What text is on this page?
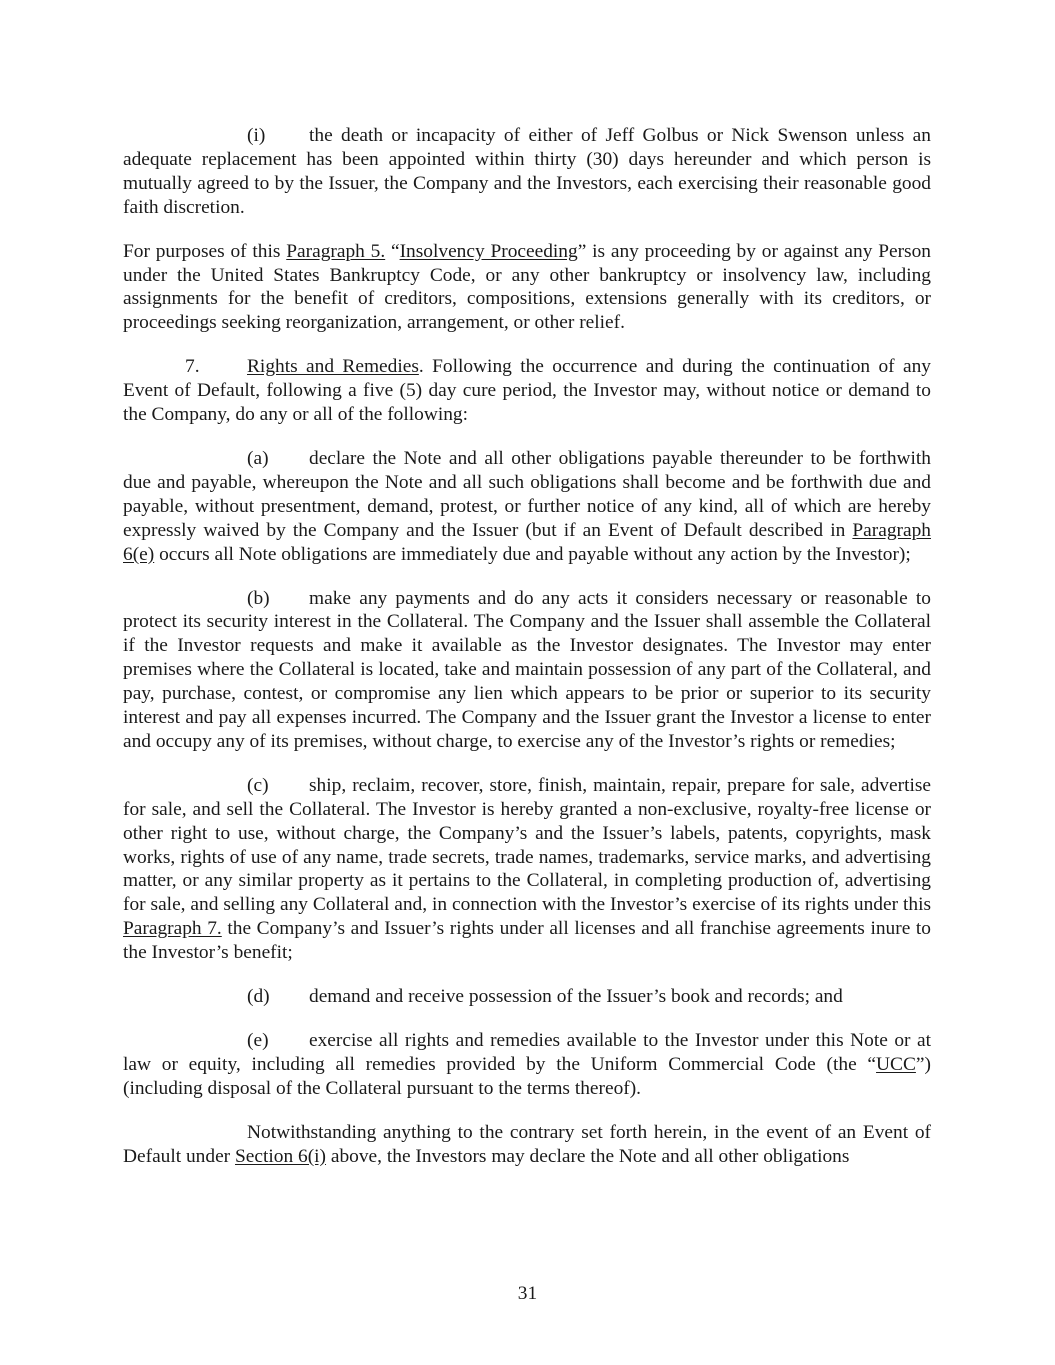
(i) the death or incapacity of either of Jeff Golbus or Nick Swenson unless an adequate replacement has been appointed within thirty (30) days hereunder and which person is mutually agreed to by the Issuer, the Company and the Investors, each exercising their reasonable good faith discretion.

For purposes of this Paragraph 5. “Insolvency Proceeding” is any proceeding by or against any Person under the United States Bankruptcy Code, or any other bankruptcy or insolvency law, including assignments for the benefit of creditors, compositions, extensions generally with its creditors, or proceedings seeking reorganization, arrangement, or other relief.

7. Rights and Remedies. Following the occurrence and during the continuation of any Event of Default, following a five (5) day cure period, the Investor may, without notice or demand to the Company, do any or all of the following:

(a) declare the Note and all other obligations payable thereunder to be forthwith due and payable, whereupon the Note and all such obligations shall become and be forthwith due and payable, without presentment, demand, protest, or further notice of any kind, all of which are hereby expressly waived by the Company and the Issuer (but if an Event of Default described in Paragraph 6(e) occurs all Note obligations are immediately due and payable without any action by the Investor);

(b) make any payments and do any acts it considers necessary or reasonable to protect its security interest in the Collateral. The Company and the Issuer shall assemble the Collateral if the Investor requests and make it available as the Investor designates. The Investor may enter premises where the Collateral is located, take and maintain possession of any part of the Collateral, and pay, purchase, contest, or compromise any lien which appears to be prior or superior to its security interest and pay all expenses incurred. The Company and the Issuer grant the Investor a license to enter and occupy any of its premises, without charge, to exercise any of the Investor’s rights or remedies;

(c) ship, reclaim, recover, store, finish, maintain, repair, prepare for sale, advertise for sale, and sell the Collateral. The Investor is hereby granted a non-exclusive, royalty-free license or other right to use, without charge, the Company’s and the Issuer’s labels, patents, copyrights, mask works, rights of use of any name, trade secrets, trade names, trademarks, service marks, and advertising matter, or any similar property as it pertains to the Collateral, in completing production of, advertising for sale, and selling any Collateral and, in connection with the Investor’s exercise of its rights under this Paragraph 7. the Company’s and Issuer’s rights under all licenses and all franchise agreements inure to the Investor’s benefit;

(d) demand and receive possession of the Issuer’s book and records; and

(e) exercise all rights and remedies available to the Investor under this Note or at law or equity, including all remedies provided by the Uniform Commercial Code (the “UCC”) (including disposal of the Collateral pursuant to the terms thereof).

Notwithstanding anything to the contrary set forth herein, in the event of an Event of Default under Section 6(i) above, the Investors may declare the Note and all other obligations

31
